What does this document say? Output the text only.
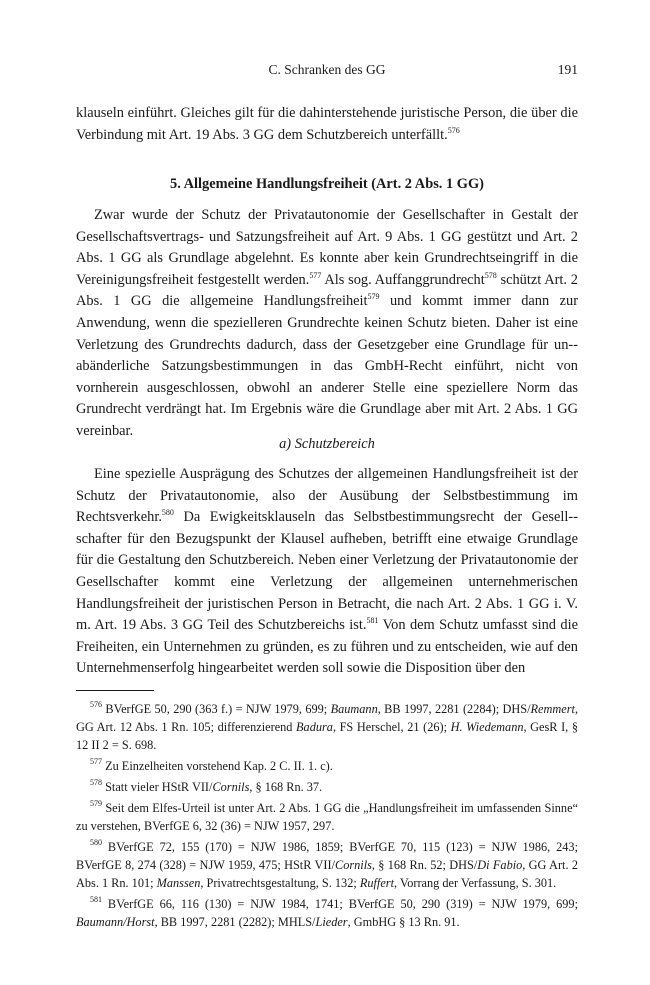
C. Schranken des GG	191

klauseln einführt. Gleiches gilt für die dahinterstehende juristische Person, die über die Verbindung mit Art. 19 Abs. 3 GG dem Schutzbereich unterfällt.$^{576}$

5. Allgemeine Handlungsfreiheit (Art. 2 Abs. 1 GG)

Zwar wurde der Schutz der Privatautonomie der Gesellschafter in Gestalt der Gesellschaftsvertrags- und Satzungsfreiheit auf Art. 9 Abs. 1 GG gestützt und Art. 2 Abs. 1 GG als Grundlage abgelehnt. Es konnte aber kein Grundrechtseingriff in die Vereinigungsfreiheit festgestellt werden.$^{577}$ Als sog. Auffanggrundrecht$^{578}$ schützt Art. 2 Abs. 1 GG die allgemeine Handlungsfreiheit$^{579}$ und kommt immer dann zur Anwendung, wenn die spezielleren Grundrechte keinen Schutz bieten. Daher ist eine Verletzung des Grundrechts dadurch, dass der Gesetzgeber eine Grundlage für un-abänderliche Satzungsbestimmungen in das GmbH-Recht einführt, nicht von vornherein ausgeschlossen, obwohl an anderer Stelle eine speziellere Norm das Grundrecht verdrängt hat. Im Ergebnis wäre die Grundlage aber mit Art. 2 Abs. 1 GG vereinbar.

a) Schutzbereich

Eine spezielle Ausprägung des Schutzes der allgemeinen Handlungsfreiheit ist der Schutz der Privatautonomie, also der Ausübung der Selbstbestimmung im Rechtsverkehr.$^{580}$ Da Ewigkeitsklauseln das Selbstbestimmungsrecht der Gesell-schafter für den Bezugspunkt der Klausel aufheben, betrifft eine etwaige Grundlage für die Gestaltung den Schutzbereich. Neben einer Verletzung der Privatautonomie der Gesellschafter kommt eine Verletzung der allgemeinen unternehmerischen Handlungsfreiheit der juristischen Person in Betracht, die nach Art. 2 Abs. 1 GG i. V. m. Art. 19 Abs. 3 GG Teil des Schutzbereichs ist.$^{581}$ Von dem Schutz umfasst sind die Freiheiten, ein Unternehmen zu gründen, es zu führen und zu entscheiden, wie auf den Unternehmenserfolg hingearbeitet werden soll sowie die Disposition über den

$^{576}$ BVerfGE 50, 290 (363 f.) = NJW 1979, 699; Baumann, BB 1997, 2281 (2284); DHS/Remmert, GG Art. 12 Abs. 1 Rn. 105; differenzierend Badura, FS Herschel, 21 (26); H. Wiedemann, GesR I, § 12 II 2 = S. 698.

$^{577}$ Zu Einzelheiten vorstehend Kap. 2 C. II. 1. c).

$^{578}$ Statt vieler HStR VII/Cornils, § 168 Rn. 37.

$^{579}$ Seit dem Elfes-Urteil ist unter Art. 2 Abs. 1 GG die „Handlungsfreiheit im umfassenden Sinne“ zu verstehen, BVerfGE 6, 32 (36) = NJW 1957, 297.

$^{580}$ BVerfGE 72, 155 (170) = NJW 1986, 1859; BVerfGE 70, 115 (123) = NJW 1986, 243; BVerfGE 8, 274 (328) = NJW 1959, 475; HStR VII/Cornils, § 168 Rn. 52; DHS/Di Fabio, GG Art. 2 Abs. 1 Rn. 101; Manssen, Privatrechtsgestaltung, S. 132; Ruffert, Vorrang der Verfassung, S. 301.

$^{581}$ BVerfGE 66, 116 (130) = NJW 1984, 1741; BVerfGE 50, 290 (319) = NJW 1979, 699; Baumann/Horst, BB 1997, 2281 (2282); MHLS/Lieder, GmbHG § 13 Rn. 91.
